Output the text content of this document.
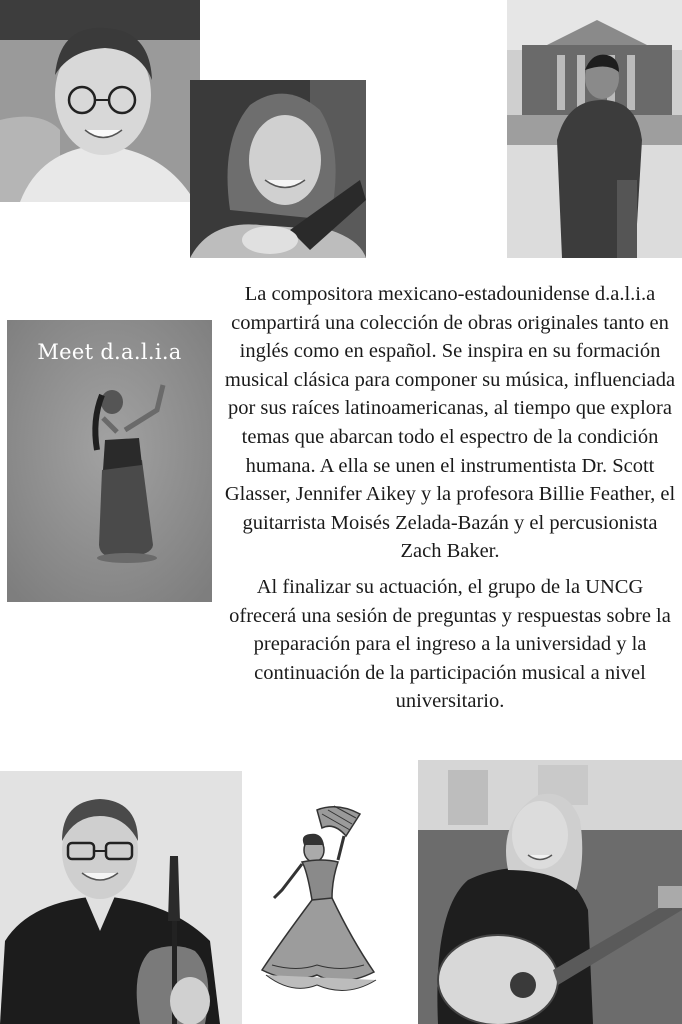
Meet d.a.l.i.a

La compositora mexicano-estadounidense d.a.l.i.a compartirá una colección de obras originales tanto en inglés como en español. Se inspira en su formación musical clásica para componer su música, influenciada por sus raíces latinoamericanas, al tiempo que explora temas que abarcan todo el espectro de la condición humana. A ella se unen el instrumentista Dr. Scott Glasser, Jennifer Aikey y la profesora Billie Feather, el guitarrista Moisés Zelada-Bazán y el percusionista Zach Baker.

Al finalizar su actuación, el grupo de la UNCG ofrecerá una sesión de preguntas y respuestas sobre la preparación para el ingreso a la universidad y la continuación de la participación musical a nivel universitario.
